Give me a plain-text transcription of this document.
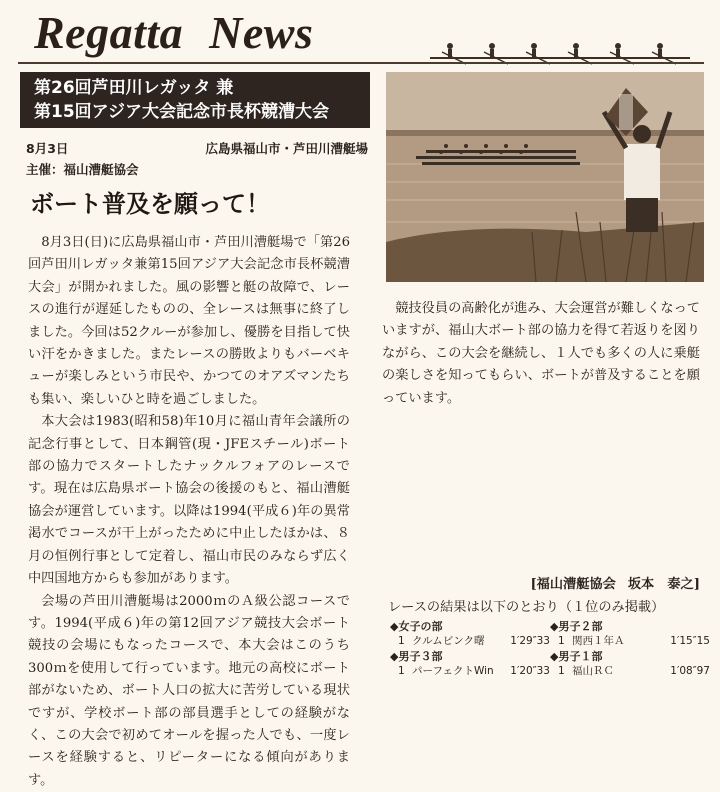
Regatta News
第26回芦田川レガッタ 兼
第15回アジア大会記念市長杯競漕大会
8月3日	広島県福山市・芦田川漕艇場
主催：福山漕艇協会
ボート普及を願って！

8月3日(日)に広島県福山市・芦田川漕艇場で「第26回芦田川レガッタ兼第15回アジア大会記念市長杯競漕大会」が開かれました。風の影響と艇の故障で、レースの進行が遅延したものの、全レースは無事に終了しました。今回は52クルーが参加し、優勝を目指して快い汗をかきました。またレースの勝敗よりもバーベキューが楽しみという市民や、かつてのオアズマンたちも集い、楽しいひと時を過ごしました。

本大会は1983(昭和58)年10月に福山青年会議所の記念行事として、日本鋼管(現・JFEスチール)ボート部の協力でスタートしたナックルフォアのレースです。現在は広島県ボート協会の後援のもと、福山漕艇協会が運営しています。以降は1994(平成６)年の異常渇水でコースが干上がったために中止したほかは、８月の恒例行事として定着し、福山市民のみならず広く中四国地方からも参加があります。

会場の芦田川漕艇場は2000ｍのＡ級公認コースです。1994(平成６)年の第12回アジア競技大会ボート競技の会場にもなったコースで、本大会はこのうち300ｍを使用して行っています。地元の高校にボート部がないため、ボート人口の拡大に苦労している現状ですが、学校ボート部の部員選手としての経験がなく、この大会で初めてオールを握った人でも、一度レースを経験すると、リピーターになる傾向があります。

競技役員の高齢化が進み、大会運営が難しくなっていますが、福山大ボート部の協力を得て若返りを図りながら、この大会を継続し、１人でも多くの人に乗艇の楽しさを知ってもらい、ボートが普及することを願っています。

[福山漕艇協会 坂本　泰之]
レースの結果は以下のとおり（１位のみ掲載）
◆女子の部
1 クルムビンク曙	1′29″33
◆男子３部
1 パーフェクトWin	1′20″33
◆男子２部
1 関西１年Ａ	1′15″15
◆男子１部
1 福山ＲＣ	1′08″97
